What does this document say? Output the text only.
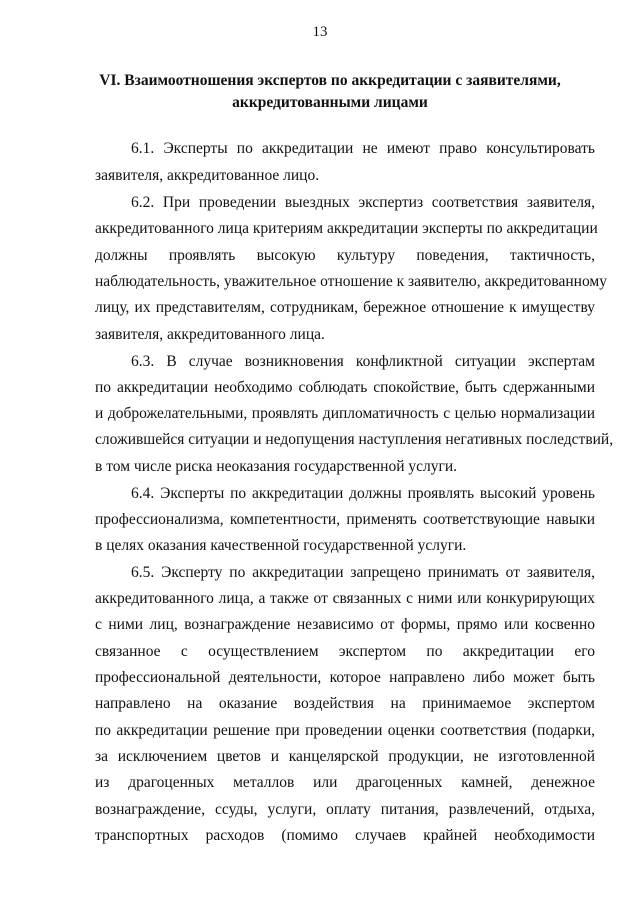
13
VI. Взаимоотношения экспертов по аккредитации с заявителями,
аккредитованными лицами
6.1. Эксперты по аккредитации не имеют право консультировать
заявителя, аккредитованное лицо.
6.2. При проведении выездных экспертиз соответствия заявителя,
аккредитованного лица критериям аккредитации эксперты по аккредитации
должны проявлять высокую культуру поведения, тактичность,
наблюдательность, уважительное отношение к заявителю, аккредитованному
лицу, их представителям, сотрудникам, бережное отношение к имуществу
заявителя, аккредитованного лица.
6.3. В случае возникновения конфликтной ситуации экспертам
по аккредитации необходимо соблюдать спокойствие, быть сдержанными
и доброжелательными, проявлять дипломатичность с целью нормализации
сложившейся ситуации и недопущения наступления негативных последствий,
в том числе риска неоказания государственной услуги.
6.4. Эксперты по аккредитации должны проявлять высокий уровень
профессионализма, компетентности, применять соответствующие навыки
в целях оказания качественной государственной услуги.
6.5. Эксперту по аккредитации запрещено принимать от заявителя,
аккредитованного лица, а также от связанных с ними или конкурирующих
с ними лиц, вознаграждение независимо от формы, прямо или косвенно
связанное с осуществлением экспертом по аккредитации его
профессиональной деятельности, которое направлено либо может быть
направлено на оказание воздействия на принимаемое экспертом
по аккредитации решение при проведении оценки соответствия (подарки,
за исключением цветов и канцелярской продукции, не изготовленной
из драгоценных металлов или драгоценных камней, денежное
вознаграждение, ссуды, услуги, оплату питания, развлечений, отдыха,
транспортных расходов (помимо случаев крайней необходимости
